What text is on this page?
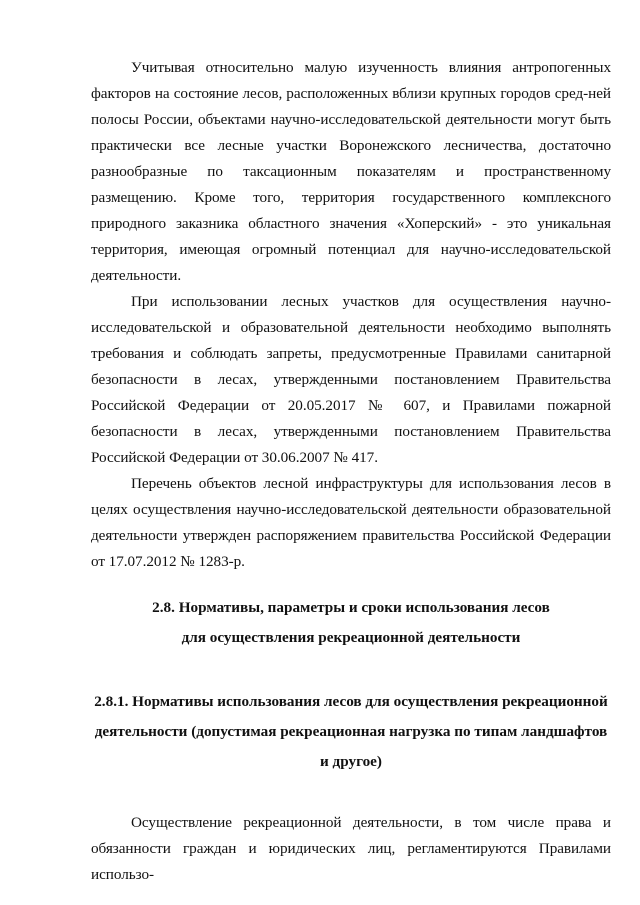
Учитывая относительно малую изученность влияния антропогенных факторов на состояние лесов, расположенных вблизи крупных городов сред-ней полосы России, объектами научно-исследовательской деятельности могут быть практически все лесные участки Воронежского лесничества, достаточно разнообразные по таксационным показателям и пространственному размещению. Кроме того, территория государственного комплексного природного заказника областного значения «Хоперский» - это уникальная территория, имеющая огромный потенциал для научно-исследовательской деятельности.

При использовании лесных участков для осуществления научно- исследовательской и образовательной деятельности необходимо выполнять требования и соблюдать запреты, предусмотренные Правилами санитарной безопасности в лесах, утвержденными постановлением Правительства Российской Федерации от 20.05.2017 № 607, и Правилами пожарной безопасности в лесах, утвержденными постановлением Правительства Российской Федерации от 30.06.2007 № 417.

Перечень объектов лесной инфраструктуры для использования лесов в целях осуществления научно-исследовательской деятельности образовательной деятельности утвержден распоряжением правительства Российской Федерации от 17.07.2012 № 1283-р.

2.8. Нормативы, параметры и сроки использования лесов
для осуществления рекреационной деятельности
2.8.1. Нормативы использования лесов для осуществления рекреационной
деятельности (допустимая рекреационная нагрузка по типам ландшафтов
и другое)

Осуществление рекреационной деятельности, в том числе права и обязанности граждан и юридических лиц, регламентируются Правилами использо-
